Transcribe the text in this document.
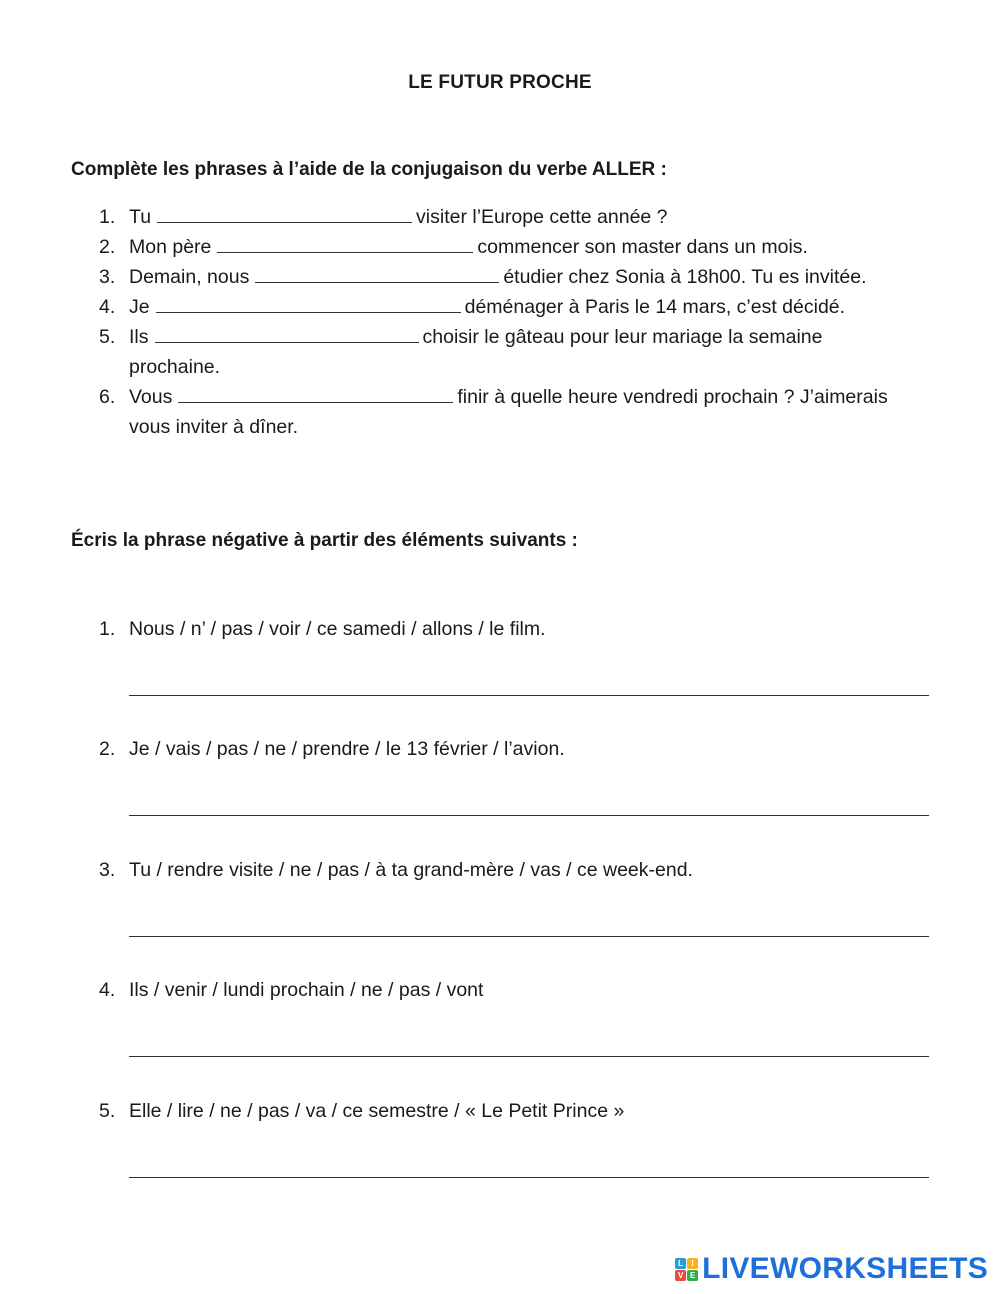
LE FUTUR PROCHE
Complète les phrases à l’aide de la conjugaison du verbe ALLER :
1. Tu	visiter l’Europe cette année ?
2. Mon père	commencer son master dans un mois.
3. Demain, nous	étudier chez Sonia à 18h00. Tu es invitée.
4. Je	déménager à Paris le 14 mars, c’est décidé.
5. Ils	choisir le gâteau pour leur mariage la semaine prochaine.
6. Vous	finir à quelle heure vendredi prochain ? J’aimerais vous inviter à dîner.
Écris la phrase négative à partir des éléments suivants :
1. Nous / n’ / pas / voir / ce samedi / allons / le film.
2. Je / vais / pas / ne / prendre / le 13 février / l’avion.
3. Tu / rendre visite / ne / pas / à ta grand-mère / vas / ce week-end.
4. Ils / venir / lundi prochain / ne / pas / vont
5. Elle / lire / ne / pas / va / ce semestre / « Le Petit Prince »
L	I
V E LIVEWORKSHEETS
